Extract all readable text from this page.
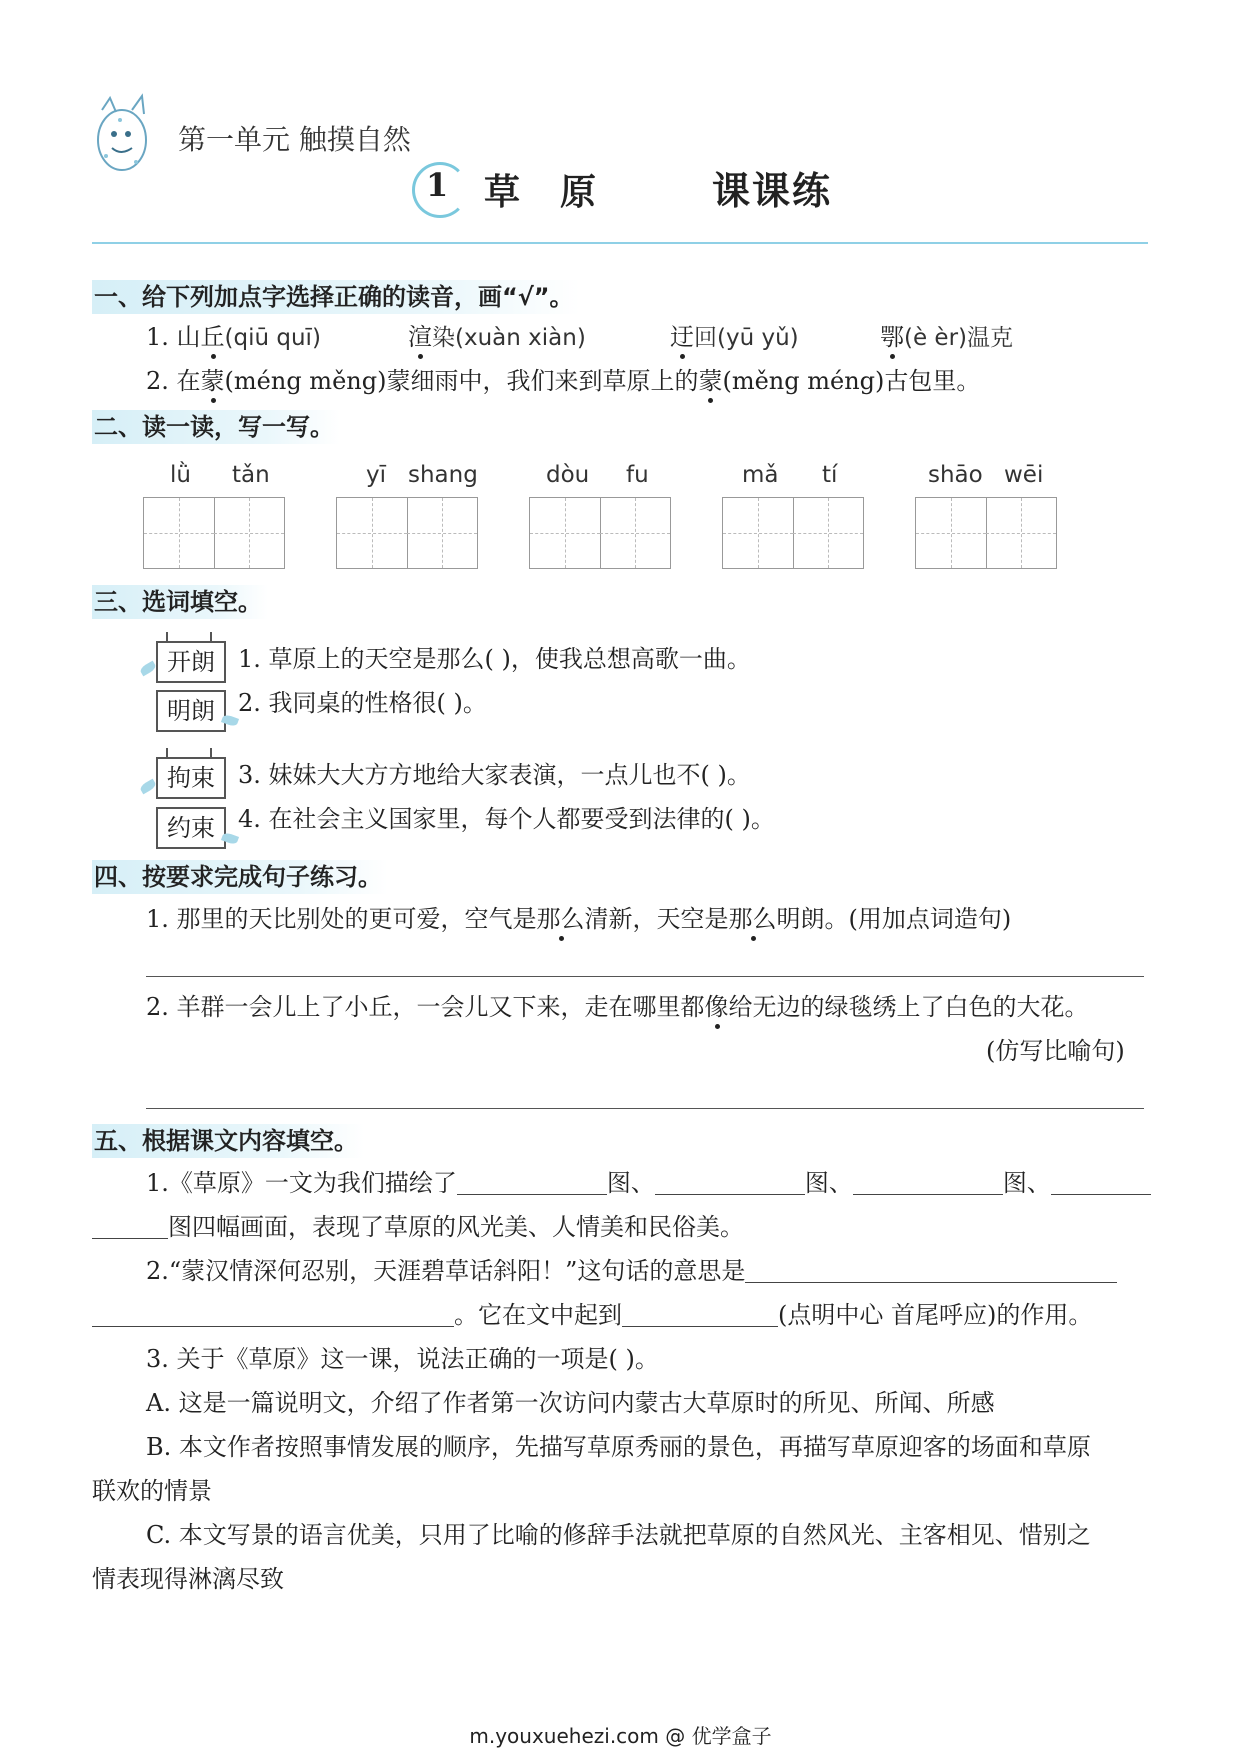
第一单元 触摸自然
1 草原 课课练
一、给下列加点字选择正确的读音，画“√”。
1. 山丘(qiū quī)	渲染(xuàn xiàn)	迂回(yū yǔ)	鄂(è èr)温克
2. 在蒙(méng měng)蒙细雨中，我们来到草原上的蒙(měng méng)古包里。
二、读一读，写一写。
lǜ tǎn	yī shang	dòu fu	mǎ tí	shāo wēi
三、选词填空。
开朗
明朗
1. 草原上的天空是那么( )，使我总想高歌一曲。
2. 我同桌的性格很( )。
拘束
约束
3. 妹妹大大方方地给大家表演，一点儿也不( )。
4. 在社会主义国家里，每个人都要受到法律的( )。
四、按要求完成句子练习。
1. 那里的天比别处的更可爱，空气是那么清新，天空是那么明朗。(用加点词造句)
2. 羊群一会儿上了小丘，一会儿又下来，走在哪里都像给无边的绿毯绣上了白色的大花。
(仿写比喻句)
五、根据课文内容填空。
1.《草原》一文为我们描绘了	图、	图、	图、
图四幅画面，表现了草原的风光美、人情美和民俗美。
2.“蒙汉情深何忍别，天涯碧草话斜阳！”这句话的意思是
。它在文中起到	(点明中心 首尾呼应)的作用。
3. 关于《草原》这一课，说法正确的一项是( )。
A. 这是一篇说明文，介绍了作者第一次访问内蒙古大草原时的所见、所闻、所感
B. 本文作者按照事情发展的顺序，先描写草原秀丽的景色，再描写草原迎客的场面和草原
联欢的情景
C. 本文写景的语言优美，只用了比喻的修辞手法就把草原的自然风光、主客相见、惜别之
情表现得淋漓尽致
m.youxuehezi.com @ 优学盒子
